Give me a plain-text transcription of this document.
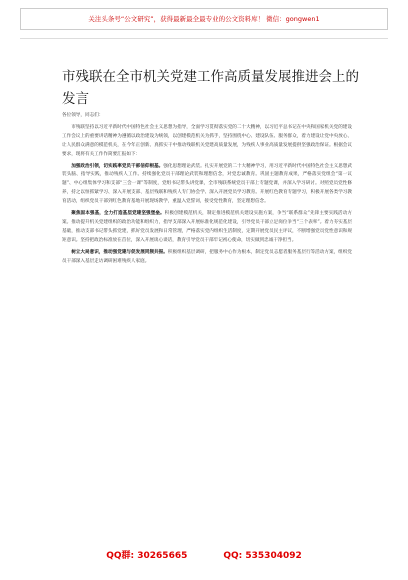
关注头条号“公文研究”，获得最新最全最专业的公文资料库！ 微信：gongwen1
市残联在全市机关党建工作高质量发展推进会上的发言

各位领导，同志们：

市残联坚持以习近平新时代中国特色社会主义思想为指导，全面学习贯彻落实党的二十大精神，以习近平总书记在中央和国家机关党的建设工作会议上的重要讲话精神为遵循以政治建设为统领，以创建模范机关为抓手，坚持围绕中心、建设队伍、服务群众，着力建设让党中央放心、让人民群众满意的模范机关，在今年正创新、真抓实干中推动残联机关党建高质量发展，为残疾人事业高质量发展提供坚强政治保证。根据会议要求，现将有关工作作简要汇报如下：

加强政治引领，切实践率党员干部信仰根基。强化思想理论武装。扎实开展党的二十大精神学习，用习近平新时代中国特色社会主义思想武装头脑、指导实践，推动残疾人工作。持续强化党员干部理论武装和理想信念，对党忠诚教育。巩固主题教育成果，严格落实党组会“第一议题”、中心组集体学习和支部“三会一课”等制度，党组书记带头讲党课，全市残联系统党员干部上专题党课，并深入学习研讨。对照党员党性修养，持之以恒抓紧学习、深入开展支部、基层残联和残疾人专门协会学、深入开展党员学习教育。开展红色教育专题学习，积极开展各类学习教育活动，组织党员干部到红色教育基地开展现场教学，重温入党誓词，接受党性教育，坚定理想信念。

聚焦固本强基，全力打造基层党建坚强堡垒。积极创建模范机关，制定推进模范机关建设实施方案，争当“联系群众”先锋主要实践活动方案。推动提升机关党建组织的政治功能和组织力，指导支部深入开展标准化规范化建设，引导党员干部立足岗位争当“三个表率”。着力夯实基层基础，推动支部书记带头抓党建，抓好党员发展和日常管理，严格落实党内组织生活制度，定期开展党员民主评议，不断增强党员党性意识和规矩意识。坚持把政治标准放在首位，深入开展谈心谈话，教育引导党员干部牢记初心使命，切实做到忠诚干净担当。

树立大局意识，推动强党建与促发展同频共振。积极组织基层调研，把服务中心作为根本，制定党员志愿者服务基层行等活动方案，组织党员干部深入基层走访调研困难残疾人家庭。

QQ群: 30265665	QQ: 535304092
